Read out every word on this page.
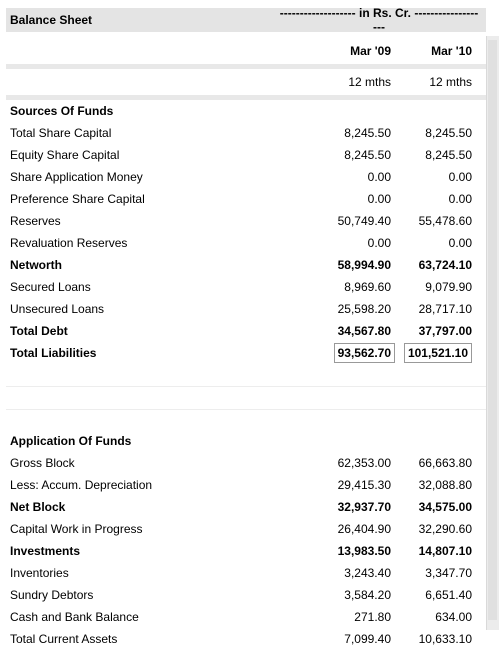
Balance Sheet	------------------- in Rs. Cr. -------------------
Mar '09	Mar '10
12 mths	12 mths
Sources Of Funds
Total Share Capital	8,245.50	8,245.50
Equity Share Capital	8,245.50	8,245.50
Share Application Money	0.00	0.00
Preference Share Capital	0.00	0.00
Reserves	50,749.40	55,478.60
Revaluation Reserves	0.00	0.00
Networth	58,994.90	63,724.10
Secured Loans	8,969.60	9,079.90
Unsecured Loans	25,598.20	28,717.10
Total Debt	34,567.80	37,797.00
Total Liabilities	93,562.70	101,521.10
Application Of Funds
Gross Block	62,353.00	66,663.80
Less: Accum. Depreciation	29,415.30	32,088.80
Net Block	32,937.70	34,575.00
Capital Work in Progress	26,404.90	32,290.60
Investments	13,983.50	14,807.10
Inventories	3,243.40	3,347.70
Sundry Debtors	3,584.20	6,651.40
Cash and Bank Balance	271.80	634.00
Total Current Assets	7,099.40	10,633.10
